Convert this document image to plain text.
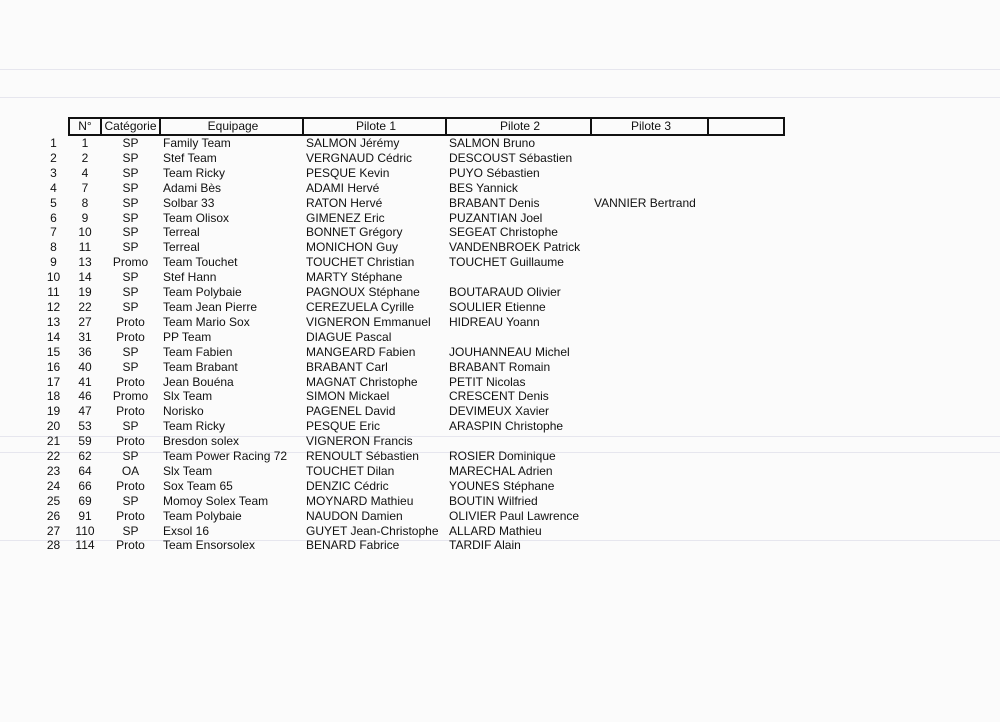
	N°	Catégorie	Equipage	Pilote 1	Pilote 2	Pilote 3	
1	1	SP	Family Team	SALMON Jérémy	SALMON Bruno		
2	2	SP	Stef Team	VERGNAUD Cédric	DESCOUST Sébastien		
3	4	SP	Team Ricky	PESQUE Kevin	PUYO Sébastien		
4	7	SP	Adami Bès	ADAMI Hervé	BES Yannick		
5	8	SP	Solbar 33	RATON Hervé	BRABANT Denis	VANNIER Bertrand	
6	9	SP	Team Olisox	GIMENEZ Eric	PUZANTIAN Joel		
7	10	SP	Terreal	BONNET Grégory	SEGEAT Christophe		
8	11	SP	Terreal	MONICHON Guy	VANDENBROEK Patrick		
9	13	Promo	Team Touchet	TOUCHET Christian	TOUCHET Guillaume		
10	14	SP	Stef Hann	MARTY Stéphane			
11	19	SP	Team Polybaie	PAGNOUX Stéphane	BOUTARAUD Olivier		
12	22	SP	Team Jean Pierre	CEREZUELA Cyrille	SOULIER Etienne		
13	27	Proto	Team Mario Sox	VIGNERON Emmanuel	HIDREAU Yoann		
14	31	Proto	PP Team	DIAGUE Pascal			
15	36	SP	Team Fabien	MANGEARD Fabien	JOUHANNEAU Michel		
16	40	SP	Team Brabant	BRABANT Carl	BRABANT Romain		
17	41	Proto	Jean Bouéna	MAGNAT Christophe	PETIT Nicolas		
18	46	Promo	Slx Team	SIMON Mickael	CRESCENT Denis		
19	47	Proto	Norisko	PAGENEL David	DEVIMEUX Xavier		
20	53	SP	Team Ricky	PESQUE Eric	ARASPIN Christophe		
21	59	Proto	Bresdon solex	VIGNERON Francis			
22	62	SP	Team Power Racing 72	RENOULT Sébastien	ROSIER Dominique		
23	64	OA	Slx Team	TOUCHET Dilan	MARECHAL Adrien		
24	66	Proto	Sox Team 65	DENZIC Cédric	YOUNES Stéphane		
25	69	SP	Momoy Solex Team	MOYNARD Mathieu	BOUTIN Wilfried		
26	91	Proto	Team Polybaie	NAUDON Damien	OLIVIER Paul Lawrence		
27	110	SP	Exsol 16	GUYET Jean-Christophe	ALLARD Mathieu		
28	114	Proto	Team Ensorsolex	BENARD Fabrice	TARDIF Alain		
